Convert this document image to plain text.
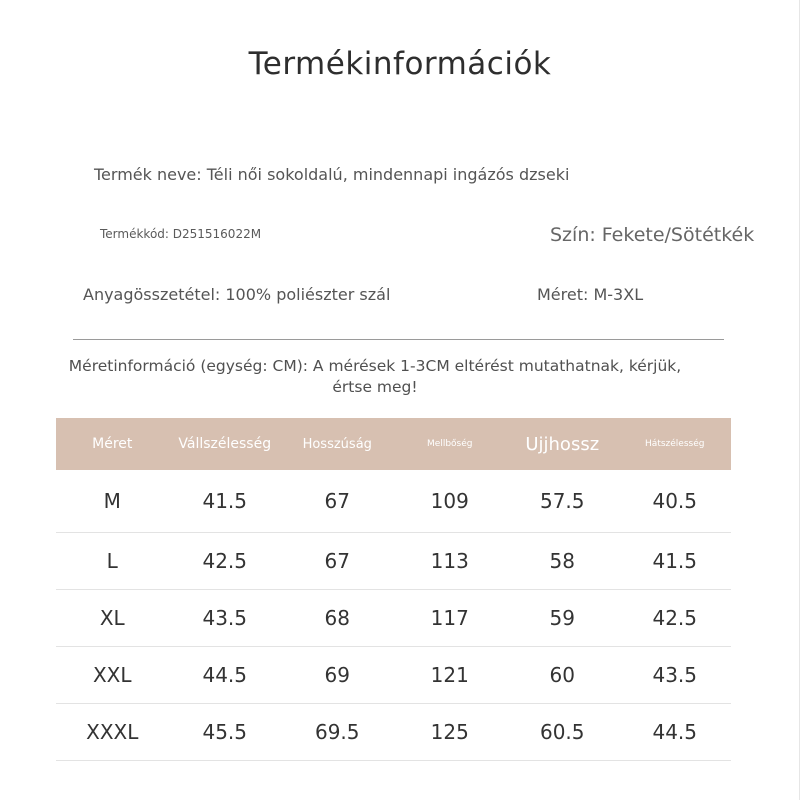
Termékinformációk
Termék neve: Téli női sokoldalú, mindennapi ingázós dzseki
Termékkód: D251516022M	Szín: Fekete/Sötétkék
Anyagösszetétel: 100% poliészter szál	Méret: M-3XL
Méretinformáció (egység: CM): A mérések 1-3CM eltérést mutathatnak, kérjük, értse meg!
Méret	Vállszélesség	Hosszúság	Mellbőség	Ujjhossz	Hátszélesség
M	41.5	67	109	57.5	40.5
L	42.5	67	113	58	41.5
XL	43.5	68	117	59	42.5
XXL	44.5	69	121	60	43.5
XXXL	45.5	69.5	125	60.5	44.5
